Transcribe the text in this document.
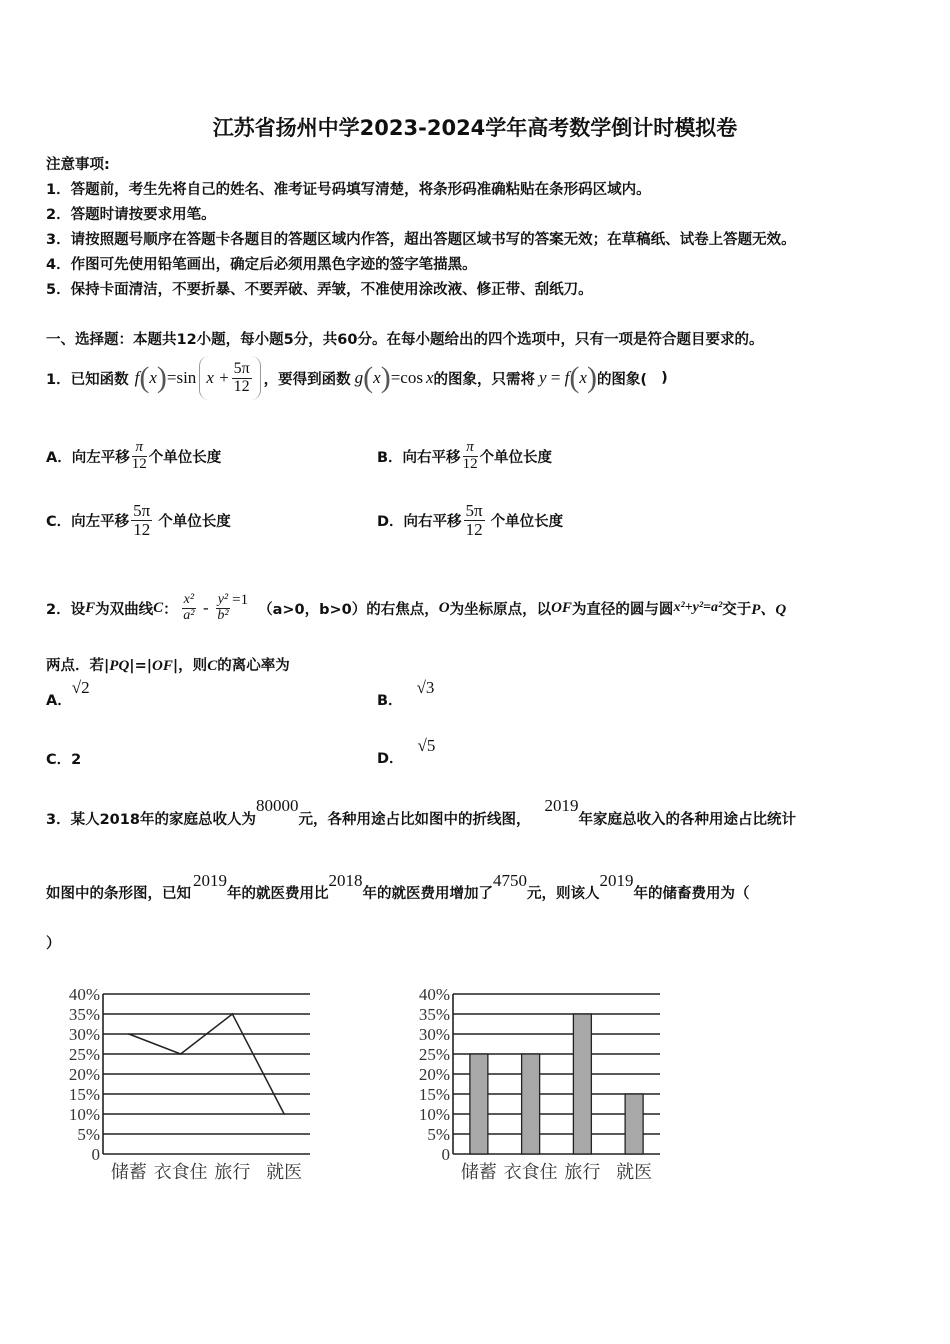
江苏省扬州中学2023-2024学年高考数学倒计时模拟卷
注意事项:
1．答题前，考生先将自己的姓名、准考证号码填写清楚，将条形码准确粘贴在条形码区域内。
2．答题时请按要求用笔。
3．请按照题号顺序在答题卡各题目的答题区域内作答，超出答题区域书写的答案无效；在草稿纸、试卷上答题无效。
4．作图可先使用铅笔画出，确定后必须用黑色字迹的签字笔描黑。
5．保持卡面清洁，不要折暴、不要弄破、弄皱，不准使用涂改液、修正带、刮纸刀。
一、选择题：本题共12小题，每小题5分，共60分。在每小题给出的四个选项中，只有一项是符合题目要求的。
1．已知函数 f ( x ) =sin $x + \frac{5\pi}{12}$ ，要得到函数 g ( x ) =cos x 的图象，只需将 y = f ( x ) 的图象( )
A．向左平移 $\frac{\pi}{12}$ 个单位长度	B．向右平移 $\frac{\pi}{12}$ 个单位长度
C．向左平移 $\frac{5\pi}{12}$ 个单位长度	D．向右平移 $\frac{5\pi}{12}$ 个单位长度
2．设 F 为双曲线 C ： $\frac{\text{x²}}{\text{a²}} - \frac{\text{y²}}{\text{b²}} =1$
（a>0，b>0）的右焦点， O 为坐标原点，以 OF 为直径的圆与圆 x²+y²=a² 交于 P、Q
两点．若|PQ|=|OF|，则C的离心率为
A．
√2
B．
√3
C．2	D．
√5
3．某人2018年的家庭总收人为80000元，各种用途占比如图中的折线图，2019年家庭总收入的各种用途占比统计
如图中的条形图，已知2019年的就医费用比2018年的就医费用增加了4750元，则该人2019年的储畜费用为（
）
0
5%
10%
15%
20%
25%
30%
35%
40%
储蓄 衣食住 旅行 就医
0
5%
10%
15%
20%
25%
30%
35%
40%
储蓄 衣食住 旅行 就医
